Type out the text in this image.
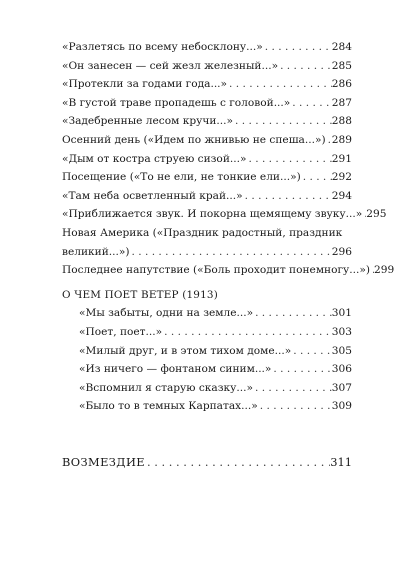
«Разлетясь по всему небосклону...» . . .	284
«Он занесен — сей жезл железный...» . . .	285
«Протекли за годами года...» . . .	286
«В густой траве пропадешь с головой...» . . .	287
«Задебренные лесом кручи...» . . .	288
Осенний день («Идем по жнивью не спеша...») . . . 289
«Дым от костра струею сизой...» . . .	291
Посещение («То не ели, не тонкие ели...») . . .	292
«Там неба осветленный край...» . . .	294
«Приближается звук. И покорна щемящему звуку...» . . . 295
Новая Америка («Праздник радостный, праздник
великий...») . . .	296
Последнее напутствие («Боль проходит понемногу...») . . . 299
О ЧЕМ ПОЕТ ВЕТЕР (1913)
«Мы забыты, одни на земле...» . . .	301
«Поет, поет...» . . .	303
«Милый друг, и в этом тихом доме...» . . .	305
«Из ничего — фонтаном синим...» . . .	306
«Вспомнил я старую сказку...» . . .	307
«Было то в темных Карпатах...» . . .	309
ВОЗМЕЗДИЕ . . .	311
